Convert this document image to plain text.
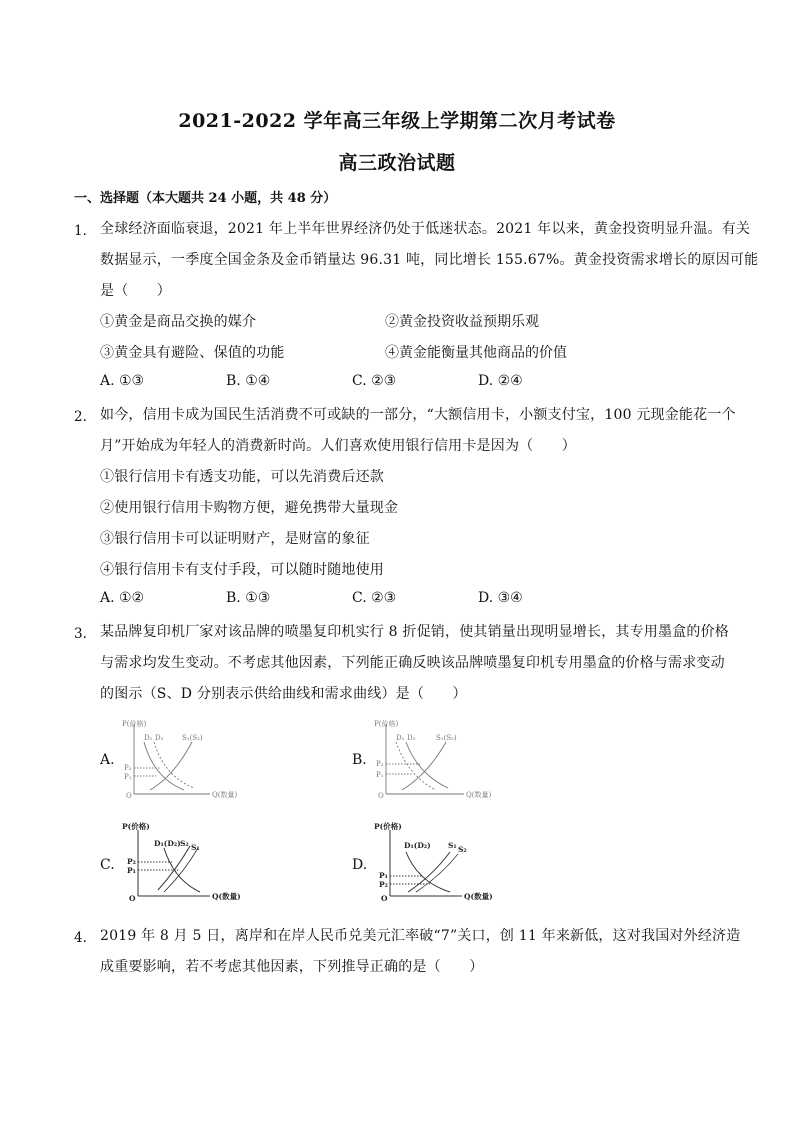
2021-2022 学年高三年级上学期第二次月考试卷
高三政治试题
一、选择题（本大题共 24 小题，共 48 分）
1. 全球经济面临衰退，2021 年上半年世界经济仍处于低迷状态。2021 年以来，黄金投资明显升温。有关
数据显示，一季度全国金条及金币销量达 96.31 吨，同比增长 155.67%。黄金投资需求增长的原因可能
是（　　）
①黄金是商品交换的媒介	②黄金投资收益预期乐观
③黄金具有避险、保值的功能	④黄金能衡量其他商品的价值
A. ①③	B. ①④	C. ②③	D. ②④
2. 如今，信用卡成为国民生活消费不可或缺的一部分，“大额信用卡，小额支付宝，100 元现金能花一个
月”开始成为年轻人的消费新时尚。人们喜欢使用银行信用卡是因为（　　）
①银行信用卡有透支功能，可以先消费后还款
②使用银行信用卡购物方便，避免携带大量现金
③银行信用卡可以证明财产，是财富的象征
④银行信用卡有支付手段，可以随时随地使用
A. ①②	B. ①③	C. ②③	D. ③④
3. 某品牌复印机厂家对该品牌的喷墨复印机实行 8 折促销，使其销量出现明显增长，其专用墨盒的价格
与需求均发生变动。不考虑其他因素，下列能正确反映该品牌喷墨复印机专用墨盒的价格与需求变动
的图示（S、D 分别表示供给曲线和需求曲线）是（　　）
A.	B.
C.	D.
P(价格)
Q(数量)
O
D₁ D₂	S₁(S₂)
P₂
P₁
P(价格)
Q(数量)
O
D₁ D₂	S₁(S₂)
P₂
P₁
P(价格)
Q(数量)
O
D₁(D₂) S₂ S₁
P₂
P₁
P(价格)
Q(数量)
O
D₁(D₂) S₁ S₂
P₁
P₂
4. 2019 年 8 月 5 日，离岸和在岸人民币兑美元汇率破“7”关口，创 11 年来新低，这对我国对外经济造
成重要影响，若不考虑其他因素，下列推导正确的是（　　）
